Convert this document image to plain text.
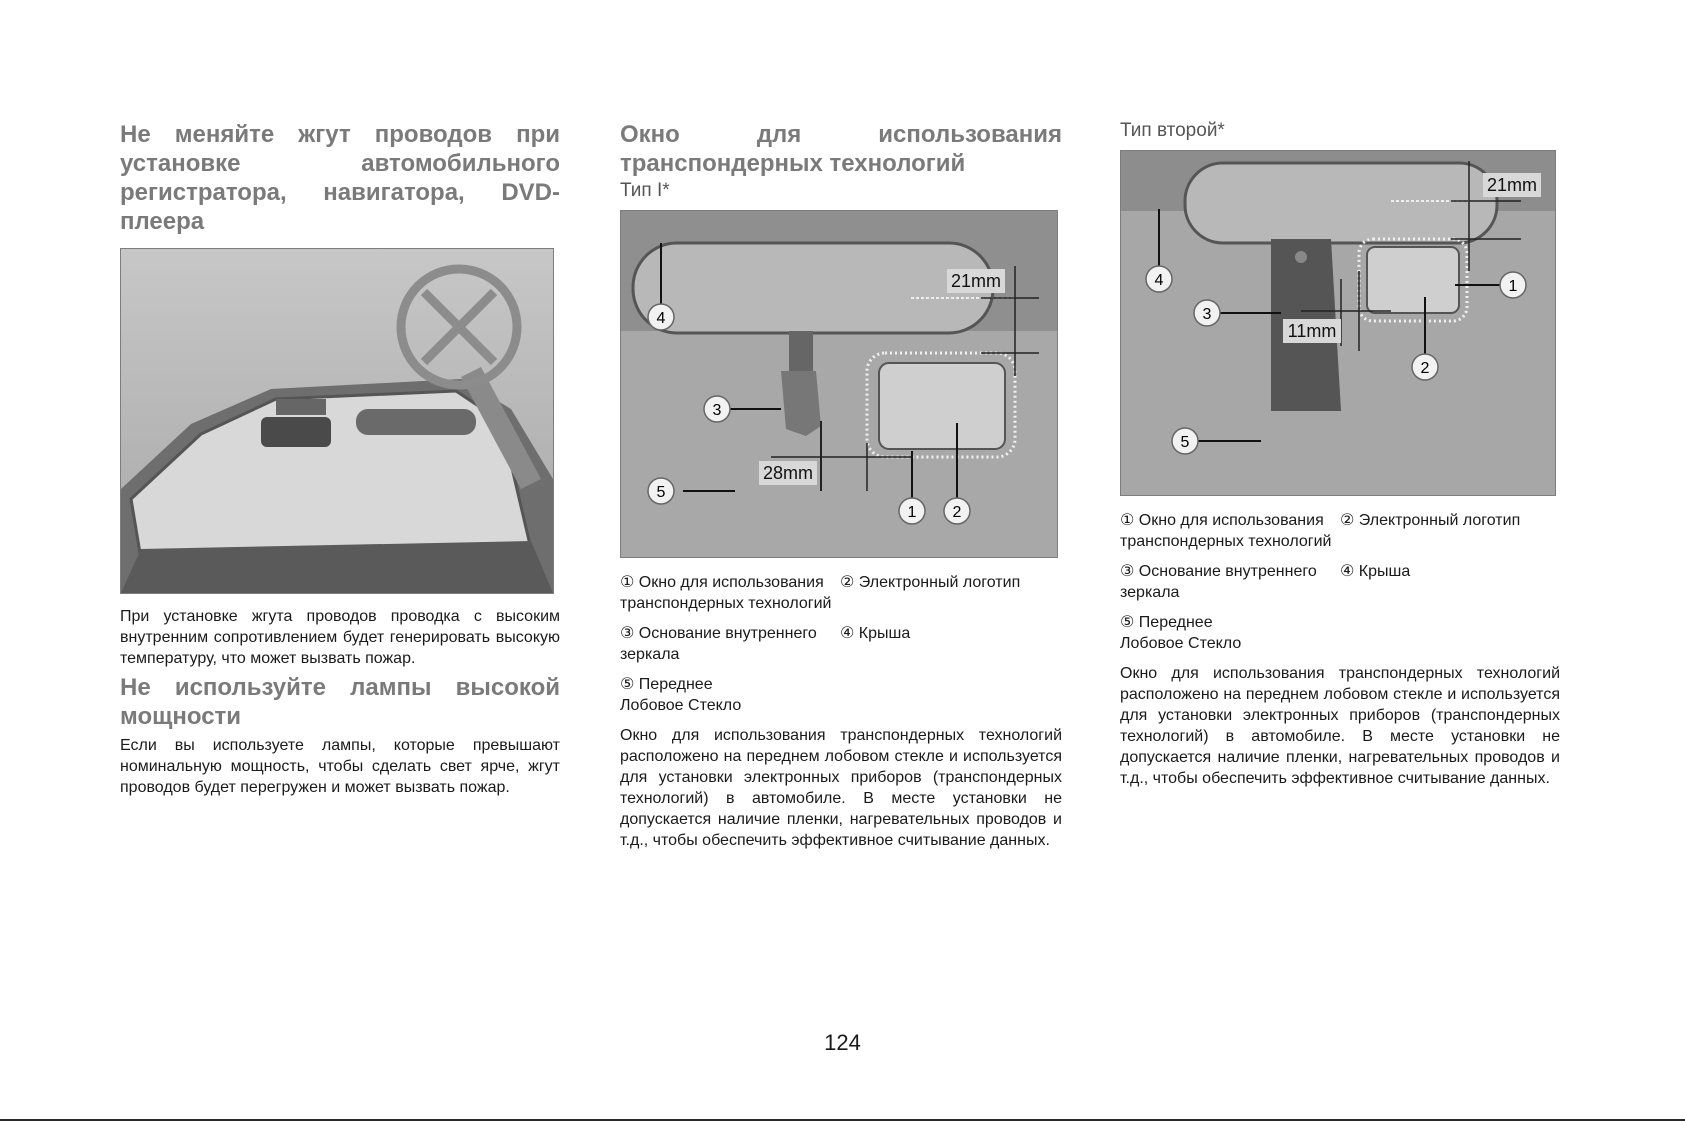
Не меняйте жгут проводов при установке автомобильного регистратора, навигатора, DVD-плеера

При установке жгута проводов проводка с высоким внутренним сопротивлением будет генерировать высокую температуру, что может вызвать пожар.

Не используйте лампы высокой мощности

Если вы используете лампы, которые превышают номинальную мощность, чтобы сделать свет ярче, жгут проводов будет перегружен и может вызвать пожар.

Окно для использования транспондерных технологий
Тип I*
21mm
28mm
4
3
5
1 2
① Окно для использования транспондерных технологий
② Электронный логотип
③ Основание внутреннего зеркала
④ Крыша
⑤ Переднее Лобовое Стекло

Окно для использования транспондерных технологий расположено на переднем лобовом стекле и используется для установки электронных приборов (транспондерных технологий) в автомобиле. В месте установки не допускается наличие пленки, нагревательных проводов и т.д., чтобы обеспечить эффективное считывание данных.

Тип второй*
21mm
11mm
4
3
1
2
5
① Окно для использования транспондерных технологий
② Электронный логотип
③ Основание внутреннего зеркала
④ Крыша
⑤ Переднее Лобовое Стекло

Окно для использования транспондерных технологий расположено на переднем лобовом стекле и используется для установки электронных приборов (транспондерных технологий) в автомобиле. В месте установки не допускается наличие пленки, нагревательных проводов и т.д., чтобы обеспечить эффективное считывание данных.

124
